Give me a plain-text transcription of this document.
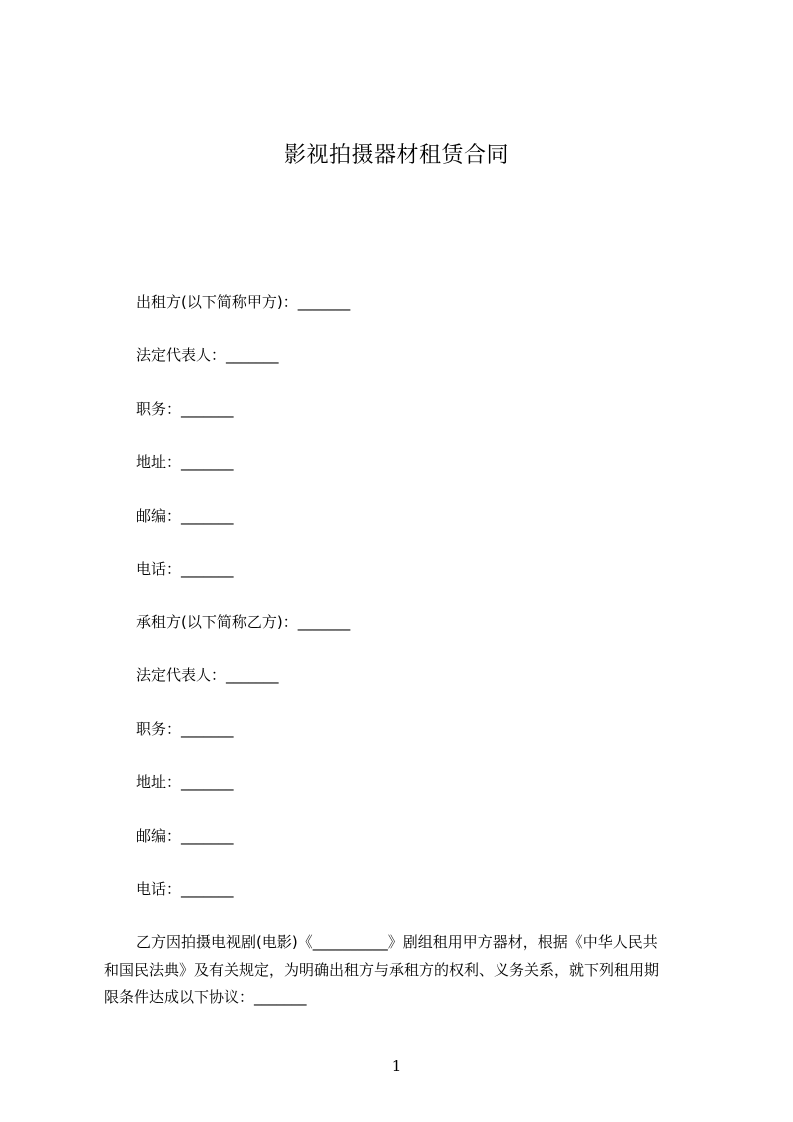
影视拍摄器材租赁合同
出租方(以下简称甲方)：_______
法定代表人：_______
职务：_______
地址：_______
邮编：_______
电话：_______
承租方(以下简称乙方)：_______
法定代表人：_______
职务：_______
地址：_______
邮编：_______
电话：_______
乙方因拍摄电视剧(电影)《__________》剧组租用甲方器材，根据《中华人民共
和国民法典》及有关规定，为明确出租方与承租方的权利、义务关系，就下列租用期
限条件达成以下协议：_______
1
